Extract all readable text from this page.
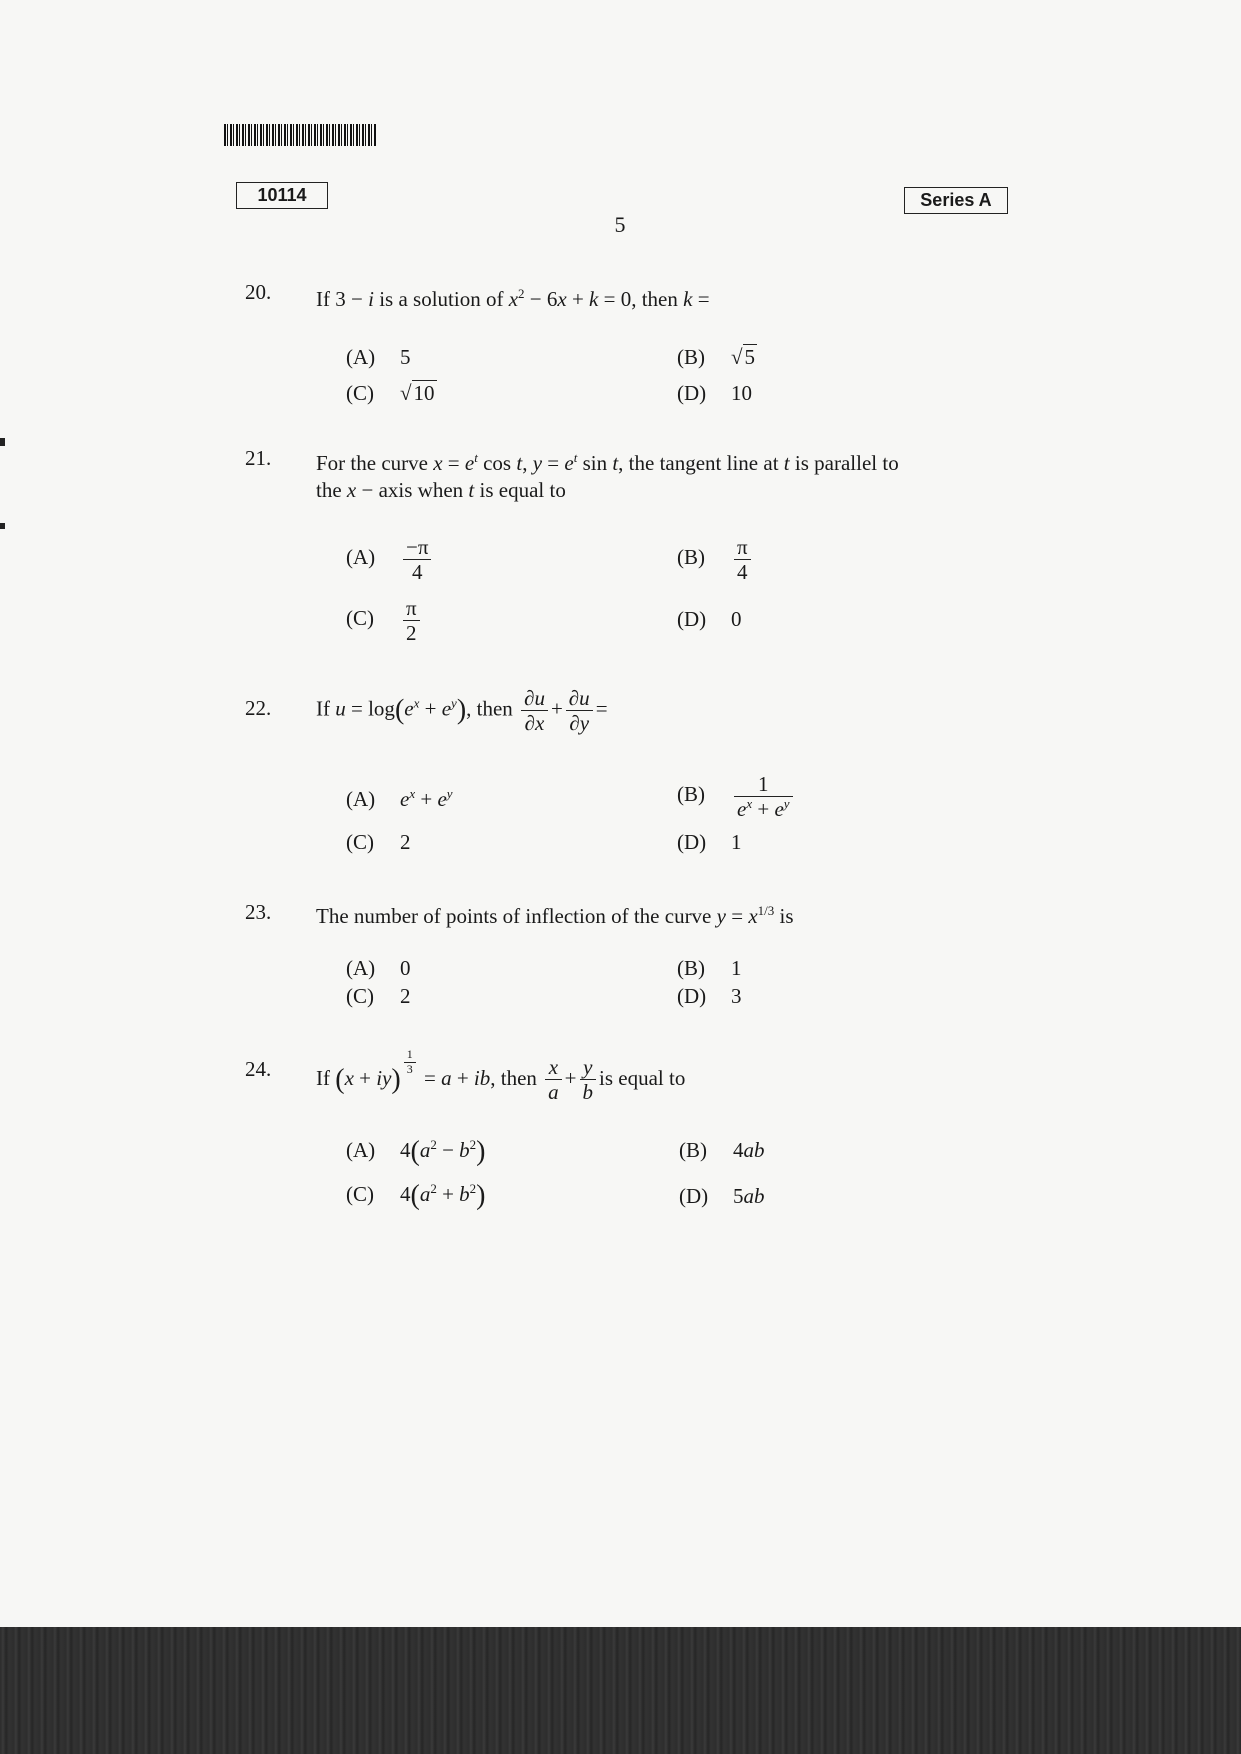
10114	Series A
5
20. If 3 − i is a solution of $x^2 - 6x + k = 0$, then k =
(A) 5	(B) √5
(C) √10	(D) 10
21. For the curve $x = e^t$ cos t, $y = e^t$ sin t, the tangent line at t is parallel to
the x − axis when t is equal to
$(A) \frac{-\pi}{4}$	$(B) \frac{\pi}{4}$
$(C) \frac{\pi}{2}$	(D) 0
22. If $u = \log(e^x + e^y)$, then $\frac{\partial u}{\partial x} + \frac{\partial u}{\partial y}$ =
(A) $e^x + e^y$	$(B) \frac{1}{e^x + e^y}$
(C) 2	(D) 1
23. The number of points of inflection of the curve $y = x^{1/3}$ is
(A) 0	(B) 1
(C) 2	(D) 3
24. If (x + iy)
$^{\frac{1}{3}}$
= a + ib, then $\frac{x}{a} + \frac{y}{b}$ is equal to
(A) $4(a^2 - b^2)$	(B) 4ab
(C) $4(a^2 + b^2)$	(D) 5ab
